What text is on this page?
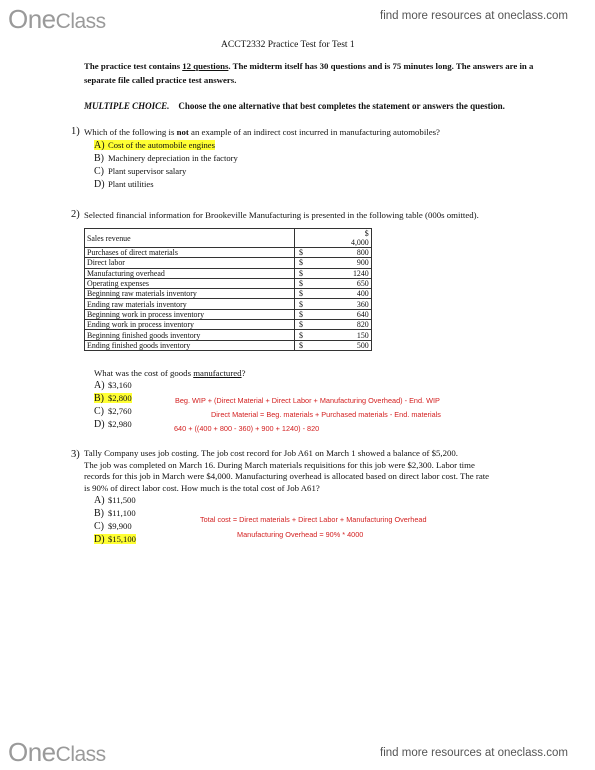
OneClass	find more resources at oneclass.com
ACCT2332 Practice Test for Test 1
The practice test contains 12 questions. The midterm itself has 30 questions and is 75 minutes long. The answers are in a separate file called practice test answers.
MULTIPLE CHOICE. Choose the one alternative that best completes the statement or answers the question.
1) Which of the following is not an example of an indirect cost incurred in manufacturing automobiles?
A) Cost of the automobile engines
B) Machinery depreciation in the factory
C) Plant supervisor salary
D) Plant utilities
2) Selected financial information for Brookeville Manufacturing is presented in the following table (000s omitted).
Sales revenue		$ 4,000
Purchases of direct materials	$	800
Direct labor	$	900
Manufacturing overhead	$	1240
Operating expenses	$	650
Beginning raw materials inventory	$	400
Ending raw materials inventory	$	360
Beginning work in process inventory	$	640
Ending work in process inventory	$	820
Beginning finished goods inventory	$	150
Ending finished goods inventory	$	500
What was the cost of goods manufactured?
A) $3,160
B) $2,800
C) $2,760
D) $2,980
Beg. WIP + (Direct Material + Direct Labor + Manufacturing Overhead) - End. WIP
Direct Material = Beg. materials + Purchased materials - End. materials
640 + ((400 + 800 - 360) + 900 + 1240) - 820
3) Tally Company uses job costing. The job cost record for Job A61 on March 1 showed a balance of $5,200.
The job was completed on March 16. During March materials requisitions for this job were $2,300. Labor time
records for this job in March were $4,000. Manufacturing overhead is allocated based on direct labor cost. The rate
is 90% of direct labor cost. How much is the total cost of Job A61?
A) $11,500
B) $11,100
C) $9,900
D) $15,100
Total cost = Direct materials + Direct Labor + Manufacturing Overhead
Manufacturing Overhead = 90% * 4000
OneClass	find more resources at oneclass.com
